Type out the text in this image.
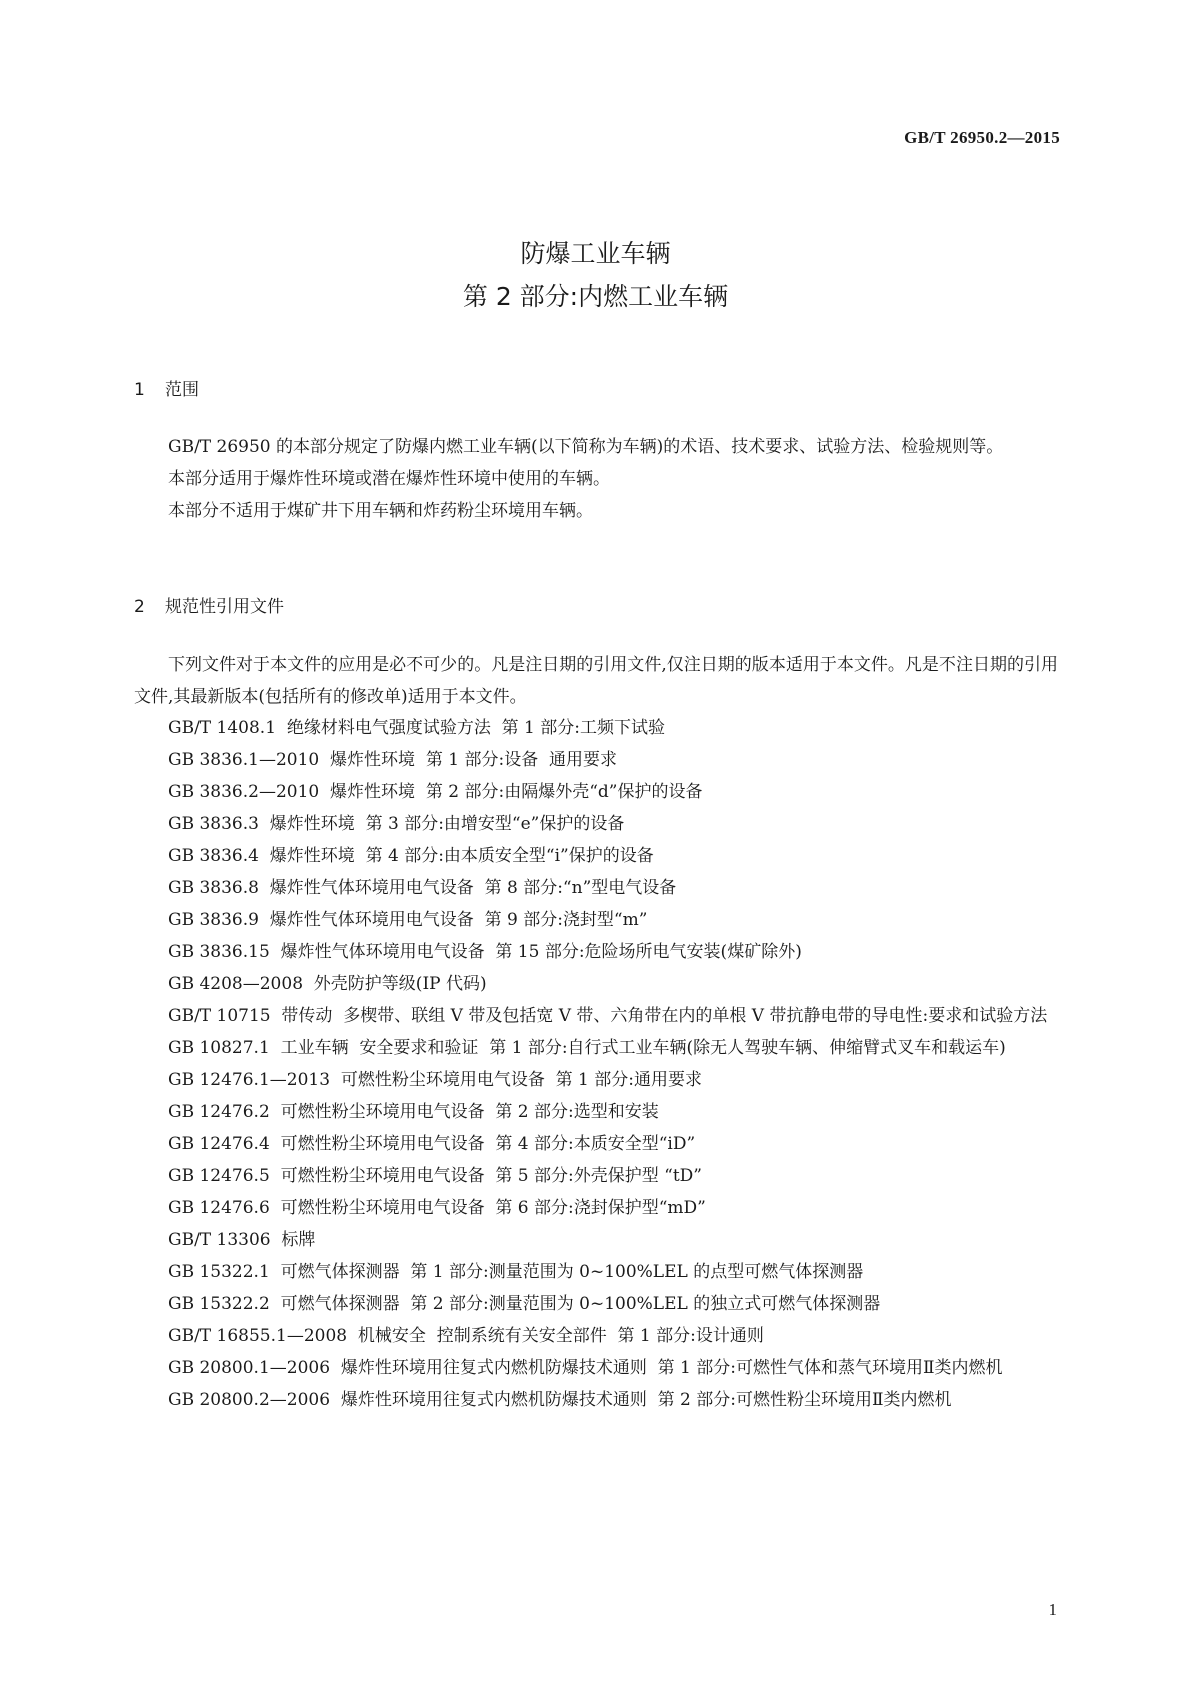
GB/T 26950.2—2015
防爆工业车辆
第 2 部分:内燃工业车辆
1 范围

GB/T 26950 的本部分规定了防爆内燃工业车辆(以下简称为车辆)的术语、技术要求、试验方法、检验规则等。

本部分适用于爆炸性环境或潜在爆炸性环境中使用的车辆。

本部分不适用于煤矿井下用车辆和炸药粉尘环境用车辆。

2 规范性引用文件

下列文件对于本文件的应用是必不可少的。凡是注日期的引用文件,仅注日期的版本适用于本文件。凡是不注日期的引用文件,其最新版本(包括所有的修改单)适用于本文件。

GB/T 1408.1  绝缘材料电气强度试验方法  第 1 部分:工频下试验
GB 3836.1—2010  爆炸性环境  第 1 部分:设备  通用要求
GB 3836.2—2010  爆炸性环境  第 2 部分:由隔爆外壳“d”保护的设备
GB 3836.3  爆炸性环境  第 3 部分:由增安型“e”保护的设备
GB 3836.4  爆炸性环境  第 4 部分:由本质安全型“i”保护的设备
GB 3836.8  爆炸性气体环境用电气设备  第 8 部分:“n”型电气设备
GB 3836.9  爆炸性气体环境用电气设备  第 9 部分:浇封型“m”
GB 3836.15  爆炸性气体环境用电气设备  第 15 部分:危险场所电气安装(煤矿除外)
GB 4208—2008  外壳防护等级(IP 代码)
GB/T 10715  带传动  多楔带、联组 V 带及包括宽 V 带、六角带在内的单根 V 带抗静电带的导电性:要求和试验方法
GB 10827.1  工业车辆  安全要求和验证  第 1 部分:自行式工业车辆(除无人驾驶车辆、伸缩臂式叉车和载运车)
GB 12476.1—2013  可燃性粉尘环境用电气设备  第 1 部分:通用要求
GB 12476.2  可燃性粉尘环境用电气设备  第 2 部分:选型和安装
GB 12476.4  可燃性粉尘环境用电气设备  第 4 部分:本质安全型“iD”
GB 12476.5  可燃性粉尘环境用电气设备  第 5 部分:外壳保护型 “tD”
GB 12476.6  可燃性粉尘环境用电气设备  第 6 部分:浇封保护型“mD”
GB/T 13306  标牌
GB 15322.1  可燃气体探测器  第 1 部分:测量范围为 0~100%LEL 的点型可燃气体探测器
GB 15322.2  可燃气体探测器  第 2 部分:测量范围为 0~100%LEL 的独立式可燃气体探测器
GB/T 16855.1—2008  机械安全  控制系统有关安全部件  第 1 部分:设计通则
GB 20800.1—2006  爆炸性环境用往复式内燃机防爆技术通则  第 1 部分:可燃性气体和蒸气环境用Ⅱ类内燃机
GB 20800.2—2006  爆炸性环境用往复式内燃机防爆技术通则  第 2 部分:可燃性粉尘环境用Ⅱ类内燃机
1
